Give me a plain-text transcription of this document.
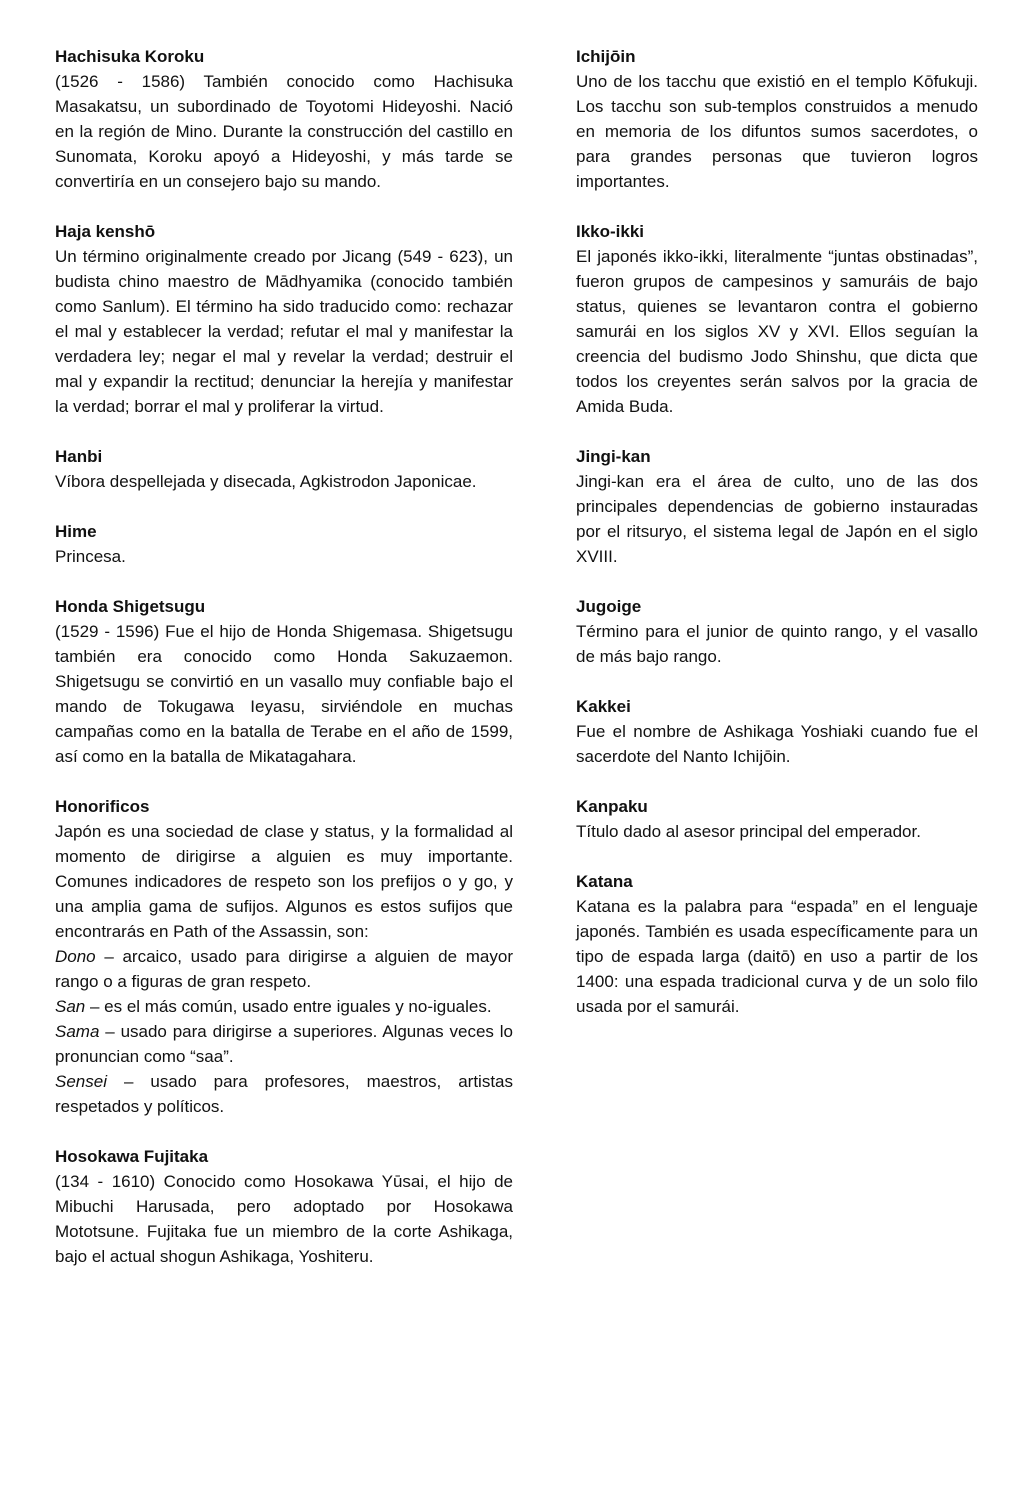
Hachisuka Koroku

(1526 - 1586) También conocido como Hachisuka Masakatsu, un subordinado de Toyotomi Hideyoshi. Nació en la región de Mino. Durante la construcción del castillo en Sunomata, Koroku apoyó a Hideyoshi, y más tarde se convertiría en un consejero bajo su mando.

Haja kenshō

Un término originalmente creado por Jicang (549 - 623), un budista chino maestro de Mādhyamika (conocido también como Sanlum). El término ha sido traducido como: rechazar el mal y establecer la verdad; refutar el mal y manifestar la verdadera ley; negar el mal y revelar la verdad; destruir el mal y expandir la rectitud; denunciar la herejía y manifestar la verdad; borrar el mal y proliferar la virtud.

Hanbi

Víbora despellejada y disecada, Agkistrodon Japonicae.

Hime

Princesa.

Honda Shigetsugu

(1529 - 1596) Fue el hijo de Honda Shigemasa. Shigetsugu también era conocido como Honda Sakuzaemon. Shigetsugu se convirtió en un vasallo muy confiable bajo el mando de Tokugawa Ieyasu, sirviéndole en muchas campañas como en la batalla de Terabe en el año de 1599, así como en la batalla de Mikatagahara.

Honorificos

Japón es una sociedad de clase y status, y la formalidad al momento de dirigirse a alguien es muy importante. Comunes indicadores de respeto son los prefijos o y go, y una amplia gama de sufijos. Algunos es estos sufijos que encontrarás en Path of the Assassin, son:

Dono – arcaico, usado para dirigirse a alguien de mayor rango o a figuras de gran respeto.

San – es el más común, usado entre iguales y no-iguales.

Sama – usado para dirigirse a superiores. Algunas veces lo pronuncian como “saa”.

Sensei – usado para profesores, maestros, artistas respetados y políticos.

Hosokawa Fujitaka

(134 - 1610) Conocido como Hosokawa Yūsai, el hijo de Mibuchi Harusada, pero adoptado por Hosokawa Mototsune. Fujitaka fue un miembro de la corte Ashikaga, bajo el actual shogun Ashikaga, Yoshiteru.

Ichijōin

Uno de los tacchu que existió en el templo Kōfukuji. Los tacchu son sub-templos construidos a menudo en memoria de los difuntos sumos sacerdotes, o para grandes personas que tuvieron logros importantes.

Ikko-ikki

El japonés ikko-ikki, literalmente “juntas obstinadas”, fueron grupos de campesinos y samuráis de bajo status, quienes se levantaron contra el gobierno samurái en los siglos XV y XVI. Ellos seguían la creencia del budismo Jodo Shinshu, que dicta que todos los creyentes serán salvos por la gracia de Amida Buda.

Jingi-kan

Jingi-kan era el área de culto, uno de las dos principales dependencias de gobierno instauradas por el ritsuryo, el sistema legal de Japón en el siglo XVIII.

Jugoige

Término para el junior de quinto rango, y el vasallo de más bajo rango.

Kakkei

Fue el nombre de Ashikaga Yoshiaki cuando fue el sacerdote del Nanto Ichijōin.

Kanpaku

Título dado al asesor principal del emperador.

Katana

Katana es la palabra para “espada” en el lenguaje japonés. También es usada específicamente para un tipo de espada larga (daitō) en uso a partir de los 1400: una espada tradicional curva y de un solo filo usada por el samurái.
